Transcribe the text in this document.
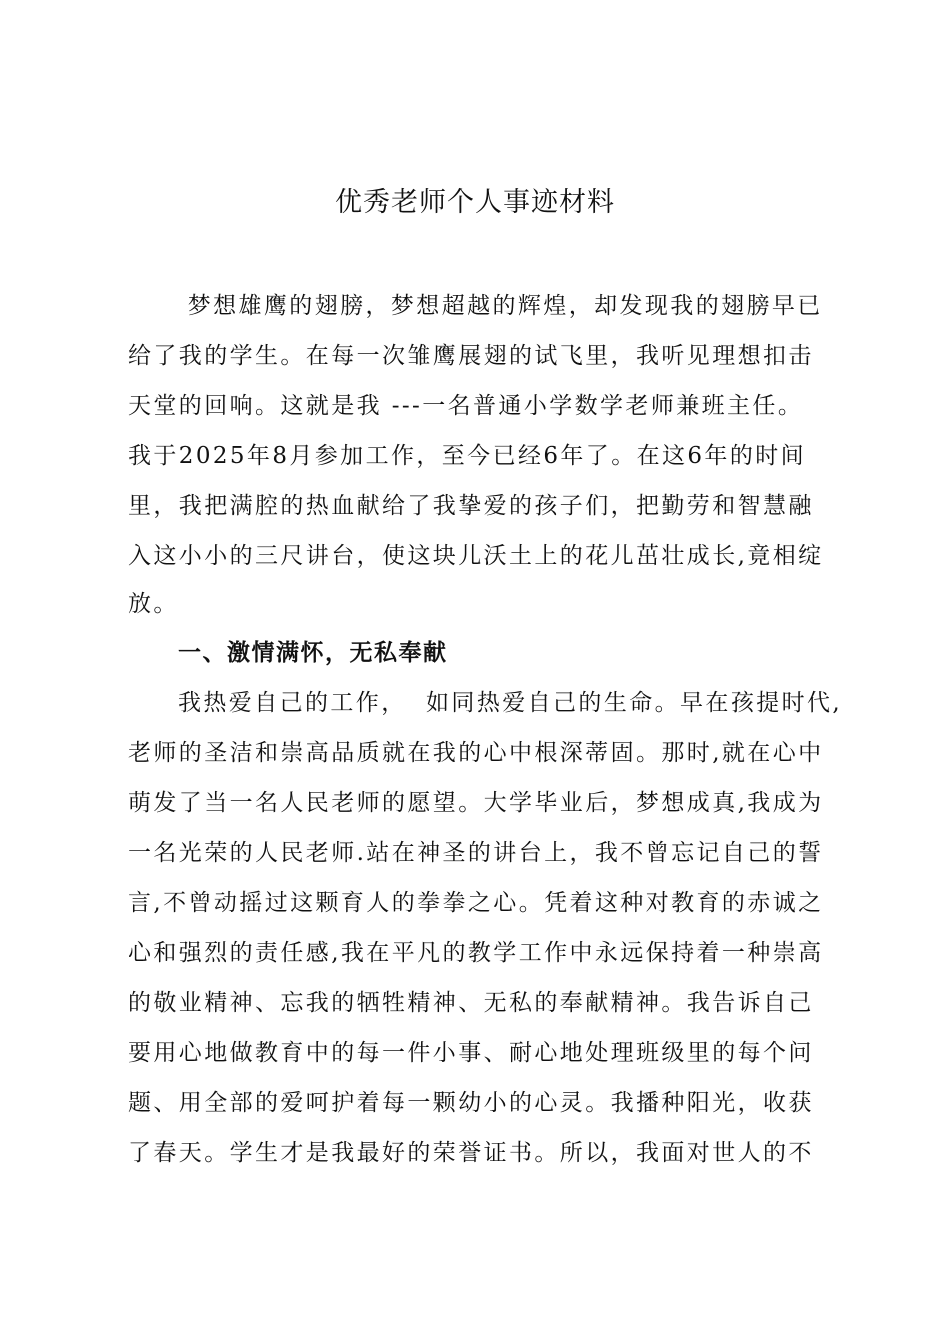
优秀老师个人事迹材料
梦想雄鹰的翅膀，梦想超越的辉煌，却发现我的翅膀早已
给了我的学生。在每一次雏鹰展翅的试飞里，我听见理想扣击
天堂的回响。这就是我 ---一名普通小学数学老师兼班主任。
我于2025年8月参加工作，至今已经6年了。在这6年的时间
里，我把满腔的热血献给了我挚爱的孩子们，把勤劳和智慧融
入这小小的三尺讲台，使这块儿沃土上的花儿茁壮成长,竟相绽
放。
一、激情满怀，无私奉献
我热爱自己的工作，  如同热爱自己的生命。早在孩提时代,
老师的圣洁和崇高品质就在我的心中根深蒂固。那时,就在心中
萌发了当一名人民老师的愿望。大学毕业后，梦想成真,我成为
一名光荣的人民老师.站在神圣的讲台上，我不曾忘记自己的誓
言,不曾动摇过这颗育人的拳拳之心。凭着这种对教育的赤诚之
心和强烈的责任感,我在平凡的教学工作中永远保持着一种崇高
的敬业精神、忘我的牺牲精神、无私的奉献精神。我告诉自己
要用心地做教育中的每一件小事、耐心地处理班级里的每个问
题、用全部的爱呵护着每一颗幼小的心灵。我播种阳光，收获
了春天。学生才是我最好的荣誉证书。所以，我面对世人的不
